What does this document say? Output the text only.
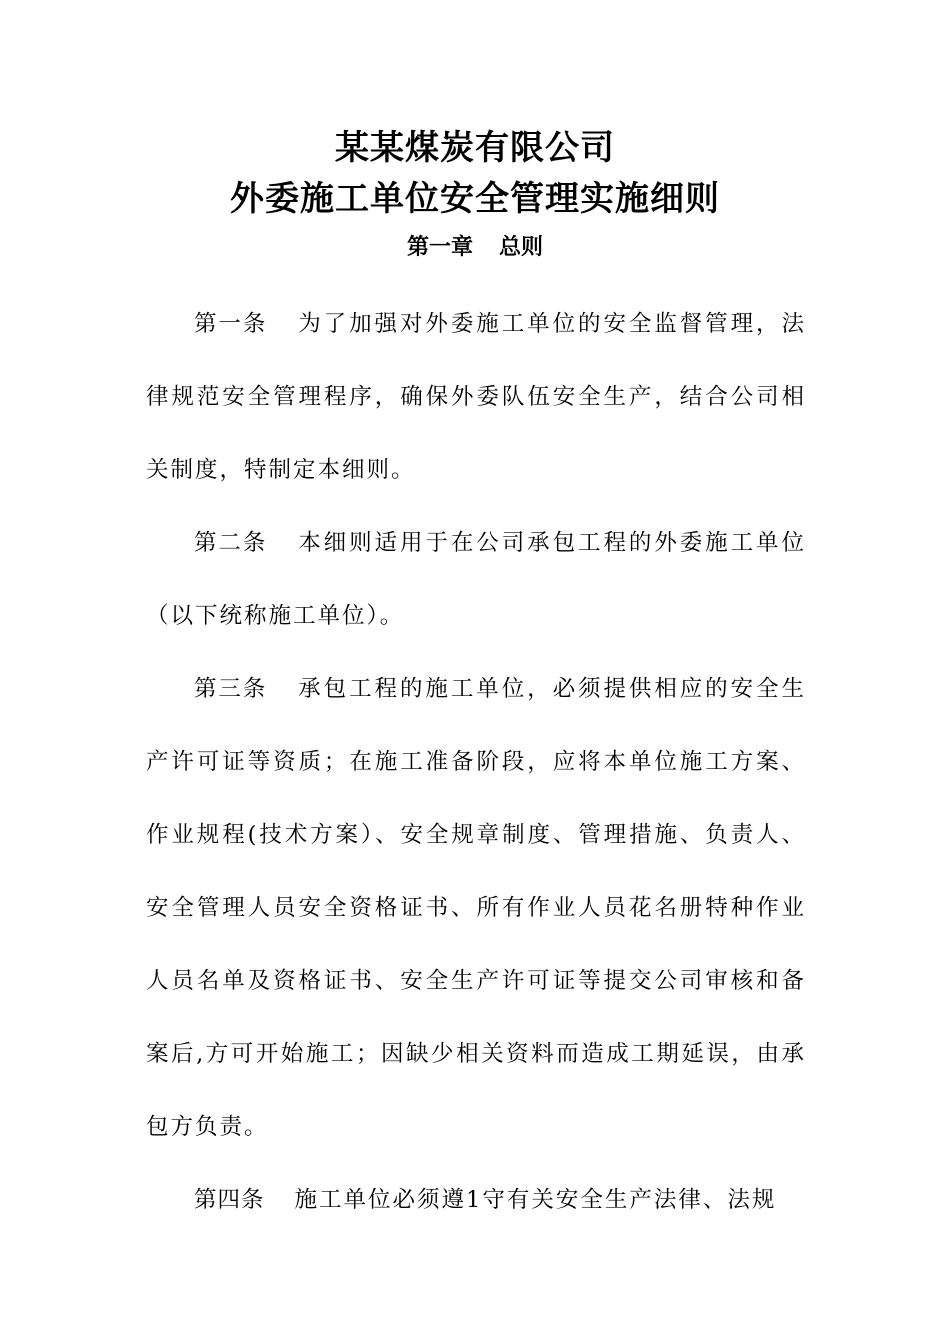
某某煤炭有限公司
外委施工单位安全管理实施细则
第一章 总则

第一条 为了加强对外委施工单位的安全监督管理，法律规范安全管理程序，确保外委队伍安全生产，结合公司相关制度，特制定本细则。

第二条 本细则适用于在公司承包工程的外委施工单位（以下统称施工单位）。

第三条 承包工程的施工单位，必须提供相应的安全生产许可证等资质；在施工准备阶段，应将本单位施工方案、作业规程(技术方案）、安全规章制度、管理措施、负责人、安全管理人员安全资格证书、所有作业人员花名册特种作业人员名单及资格证书、安全生产许可证等提交公司审核和备案后,方可开始施工；因缺少相关资料而造成工期延误，由承包方负责。

第四条 施工单位必须遵1守有关安全生产法律、法规
